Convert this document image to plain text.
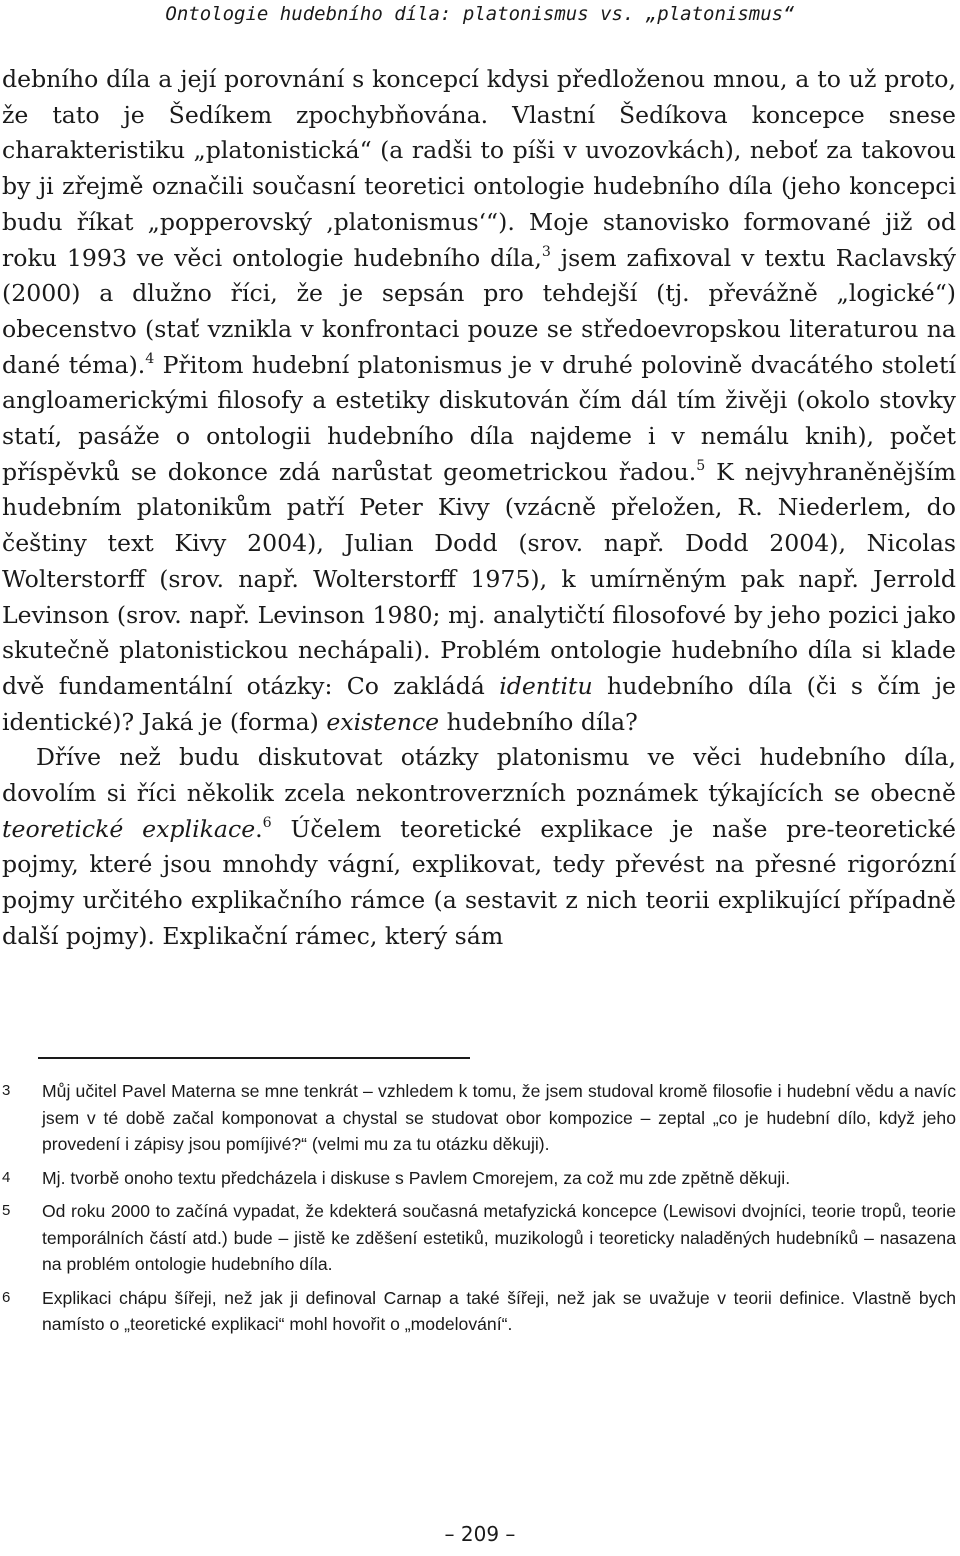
Ontologie hudebního díla: platonismus vs. „platonismus“

debního díla a její porovnání s koncepcí kdysi předloženou mnou, a to už proto, že tato je Šedíkem zpochybňována. Vlastní Šedíkova koncepce snese charakteristiku „platonistická“ (a radši to píši v uvozovkách), neboť za takovou by ji zřejmě označili současní teoretici ontologie hudebního díla (jeho koncepci budu říkat „popperovský ‚platonismus‘“). Moje stanovisko formované již od roku 1993 ve věci ontologie hudebního díla,$^3$ jsem zafixoval v textu Raclavský (2000) a dlužno říci, že je sepsán pro tehdejší (tj. převážně „logické“) obecenstvo (stať vznikla v konfrontaci pouze se středoevropskou literaturou na dané téma).$^4$ Přitom hudební platonismus je v druhé polovině dvacátého století angloamerickými filosofy a estetiky diskutován čím dál tím živěji (okolo stovky statí, pasáže o ontologii hudebního díla najdeme i v nemálu knih), počet příspěvků se dokonce zdá narůstat geometrickou řadou.$^5$ K nejvyhraněnějším hudebním platonikům patří Peter Kivy (vzácně přeložen, R. Niederlem, do češtiny text Kivy 2004), Julian Dodd (srov. např. Dodd 2004), Nicolas Wolterstorff (srov. např. Wolterstorff 1975), k umírněným pak např. Jerrold Levinson (srov. např. Levinson 1980; mj. analytičtí filosofové by jeho pozici jako skutečně platonistickou nechápali). Problém ontologie hudebního díla si klade dvě fundamentální otázky: Co zakládá identitu hudebního díla (či s čím je identické)? Jaká je (forma) existence hudebního díla?

Dříve než budu diskutovat otázky platonismu ve věci hudebního díla, dovolím si říci několik zcela nekontroverzních poznámek týkajících se obecně teoretické explikace.$^6$ Účelem teoretické explikace je naše pre-teoretické pojmy, které jsou mnohdy vágní, explikovat, tedy převést na přesné rigorózní pojmy určitého explikačního rámce (a sestavit z nich teorii explikující případně další pojmy). Explikační rámec, který sám

3 Můj učitel Pavel Materna se mne tenkrát – vzhledem k tomu, že jsem studoval kromě filosofie i hudební vědu a navíc jsem v té době začal komponovat a chystal se studovat obor kompozice – zeptal „co je hudební dílo, když jeho provedení i zápisy jsou pomíjivé?“ (velmi mu za tu otázku děkuji).
4 Mj. tvorbě onoho textu předcházela i diskuse s Pavlem Cmorejem, za což mu zde zpětně děkuji.
5 Od roku 2000 to začíná vypadat, že kdekterá současná metafyzická koncepce (Lewisovi dvojníci, teorie tropů, teorie temporálních částí atd.) bude – jistě ke zděšení estetiků, muzikologů i teoreticky naladěných hudebníků – nasazena na problém ontologie hudebního díla.
6 Explikaci chápu šířeji, než jak ji definoval Carnap a také šířeji, než jak se uvažuje v teorii definice. Vlastně bych namísto o „teoretické explikaci“ mohl hovořit o „modelování“.
– 209 –
